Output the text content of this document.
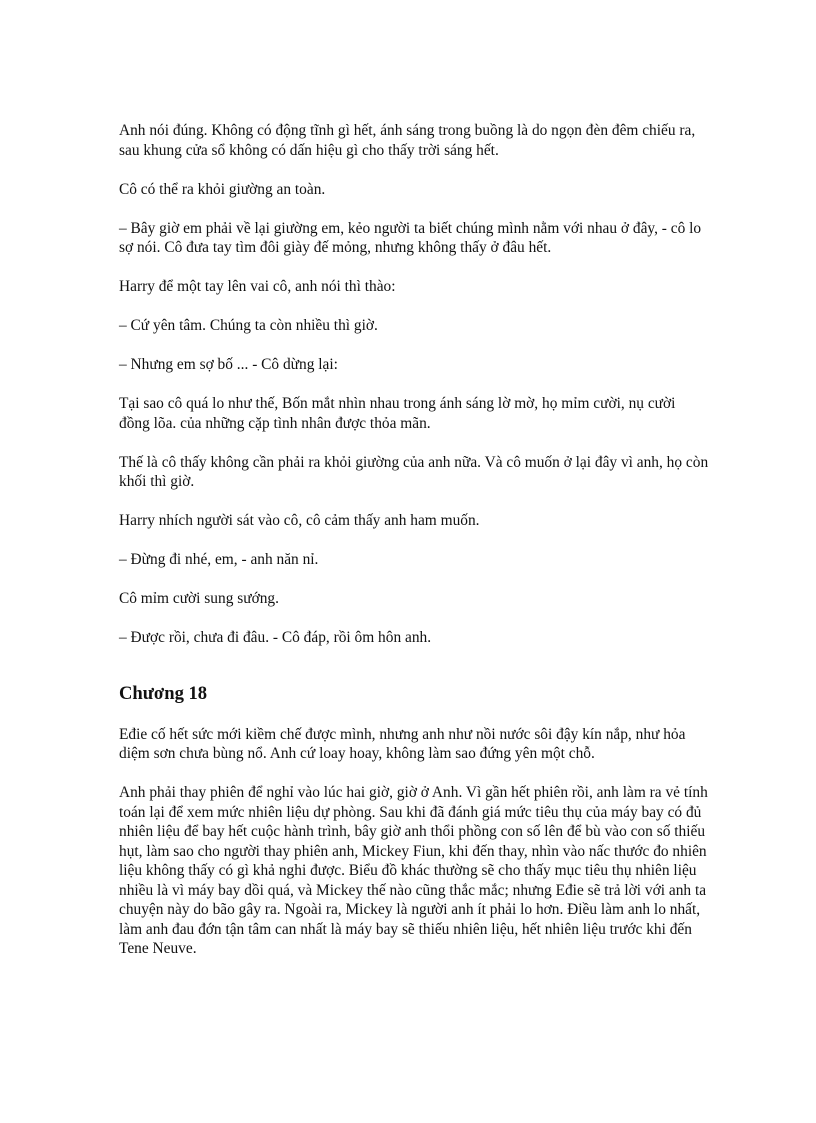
Anh nói đúng. Không có động tĩnh gì hết, ánh sáng trong buồng là do ngọn đèn đêm chiếu ra, sau khung cửa sổ không có dấn hiệu gì cho thấy trời sáng hết.

Cô có thể ra khỏi giường an toàn.

– Bây giờ em phải về lại giường em, kẻo người ta biết chúng mình nằm với nhau ở đây, - cô lo sợ nói. Cô đưa tay tìm đôi giày đế mỏng, nhưng không thấy ở đâu hết.

Harry để một tay lên vai cô, anh nói thì thào:

– Cứ yên tâm. Chúng ta còn nhiều thì giờ.

– Nhưng em sợ bố ... - Cô dừng lại:

Tại sao cô quá lo như thế, Bốn mắt nhìn nhau trong ánh sáng lờ mờ, họ mỉm cười, nụ cười đồng lõa. của những cặp tình nhân được thỏa mãn.

Thế là cô thấy không cần phải ra khỏi giường của anh nữa. Và cô muốn ở lại đây vì anh, họ còn khối thì giờ.

Harry nhích người sát vào cô, cô cảm thấy anh ham muốn.

– Đừng đi nhé, em, - anh năn nỉ.

Cô mỉm cười sung sướng.

– Được rồi, chưa đi đâu. - Cô đáp, rồi ôm hôn anh.

Chương 18

Eđie cố hết sức mới kiềm chế được mình, nhưng anh như nồi nước sôi đậy kín nắp, như hỏa diệm sơn chưa bùng nổ. Anh cứ loay hoay, không làm sao đứng yên một chỗ.

Anh phải thay phiên để nghỉ vào lúc hai giờ, giờ ở Anh. Vì gần hết phiên rồi, anh làm ra vẻ tính toán lại để xem mức nhiên liệu dự phòng. Sau khi đã đánh giá mức tiêu thụ của máy bay có đủ nhiên liệu để bay hết cuộc hành trình, bây giờ anh thổi phồng con số lên để bù vào con số thiếu hụt, làm sao cho người thay phiên anh, Mickey Fiun, khi đến thay, nhìn vào nấc thước đo nhiên liệu không thấy có gì khả nghi được. Biểu đồ khác thường sẽ cho thấy mục tiêu thụ nhiên liệu nhiều là vì máy bay dồi quá, và Mickey thế nào cũng thắc mắc; nhưng Eđie sẽ trả lời với anh ta chuyện này do bão gây ra. Ngoài ra, Mickey là người anh ít phải lo hơn. Điều làm anh lo nhất, làm anh đau đớn tận tâm can nhất là máy bay sẽ thiếu nhiên liệu, hết nhiên liệu trước khi đến Tene Neuve.
